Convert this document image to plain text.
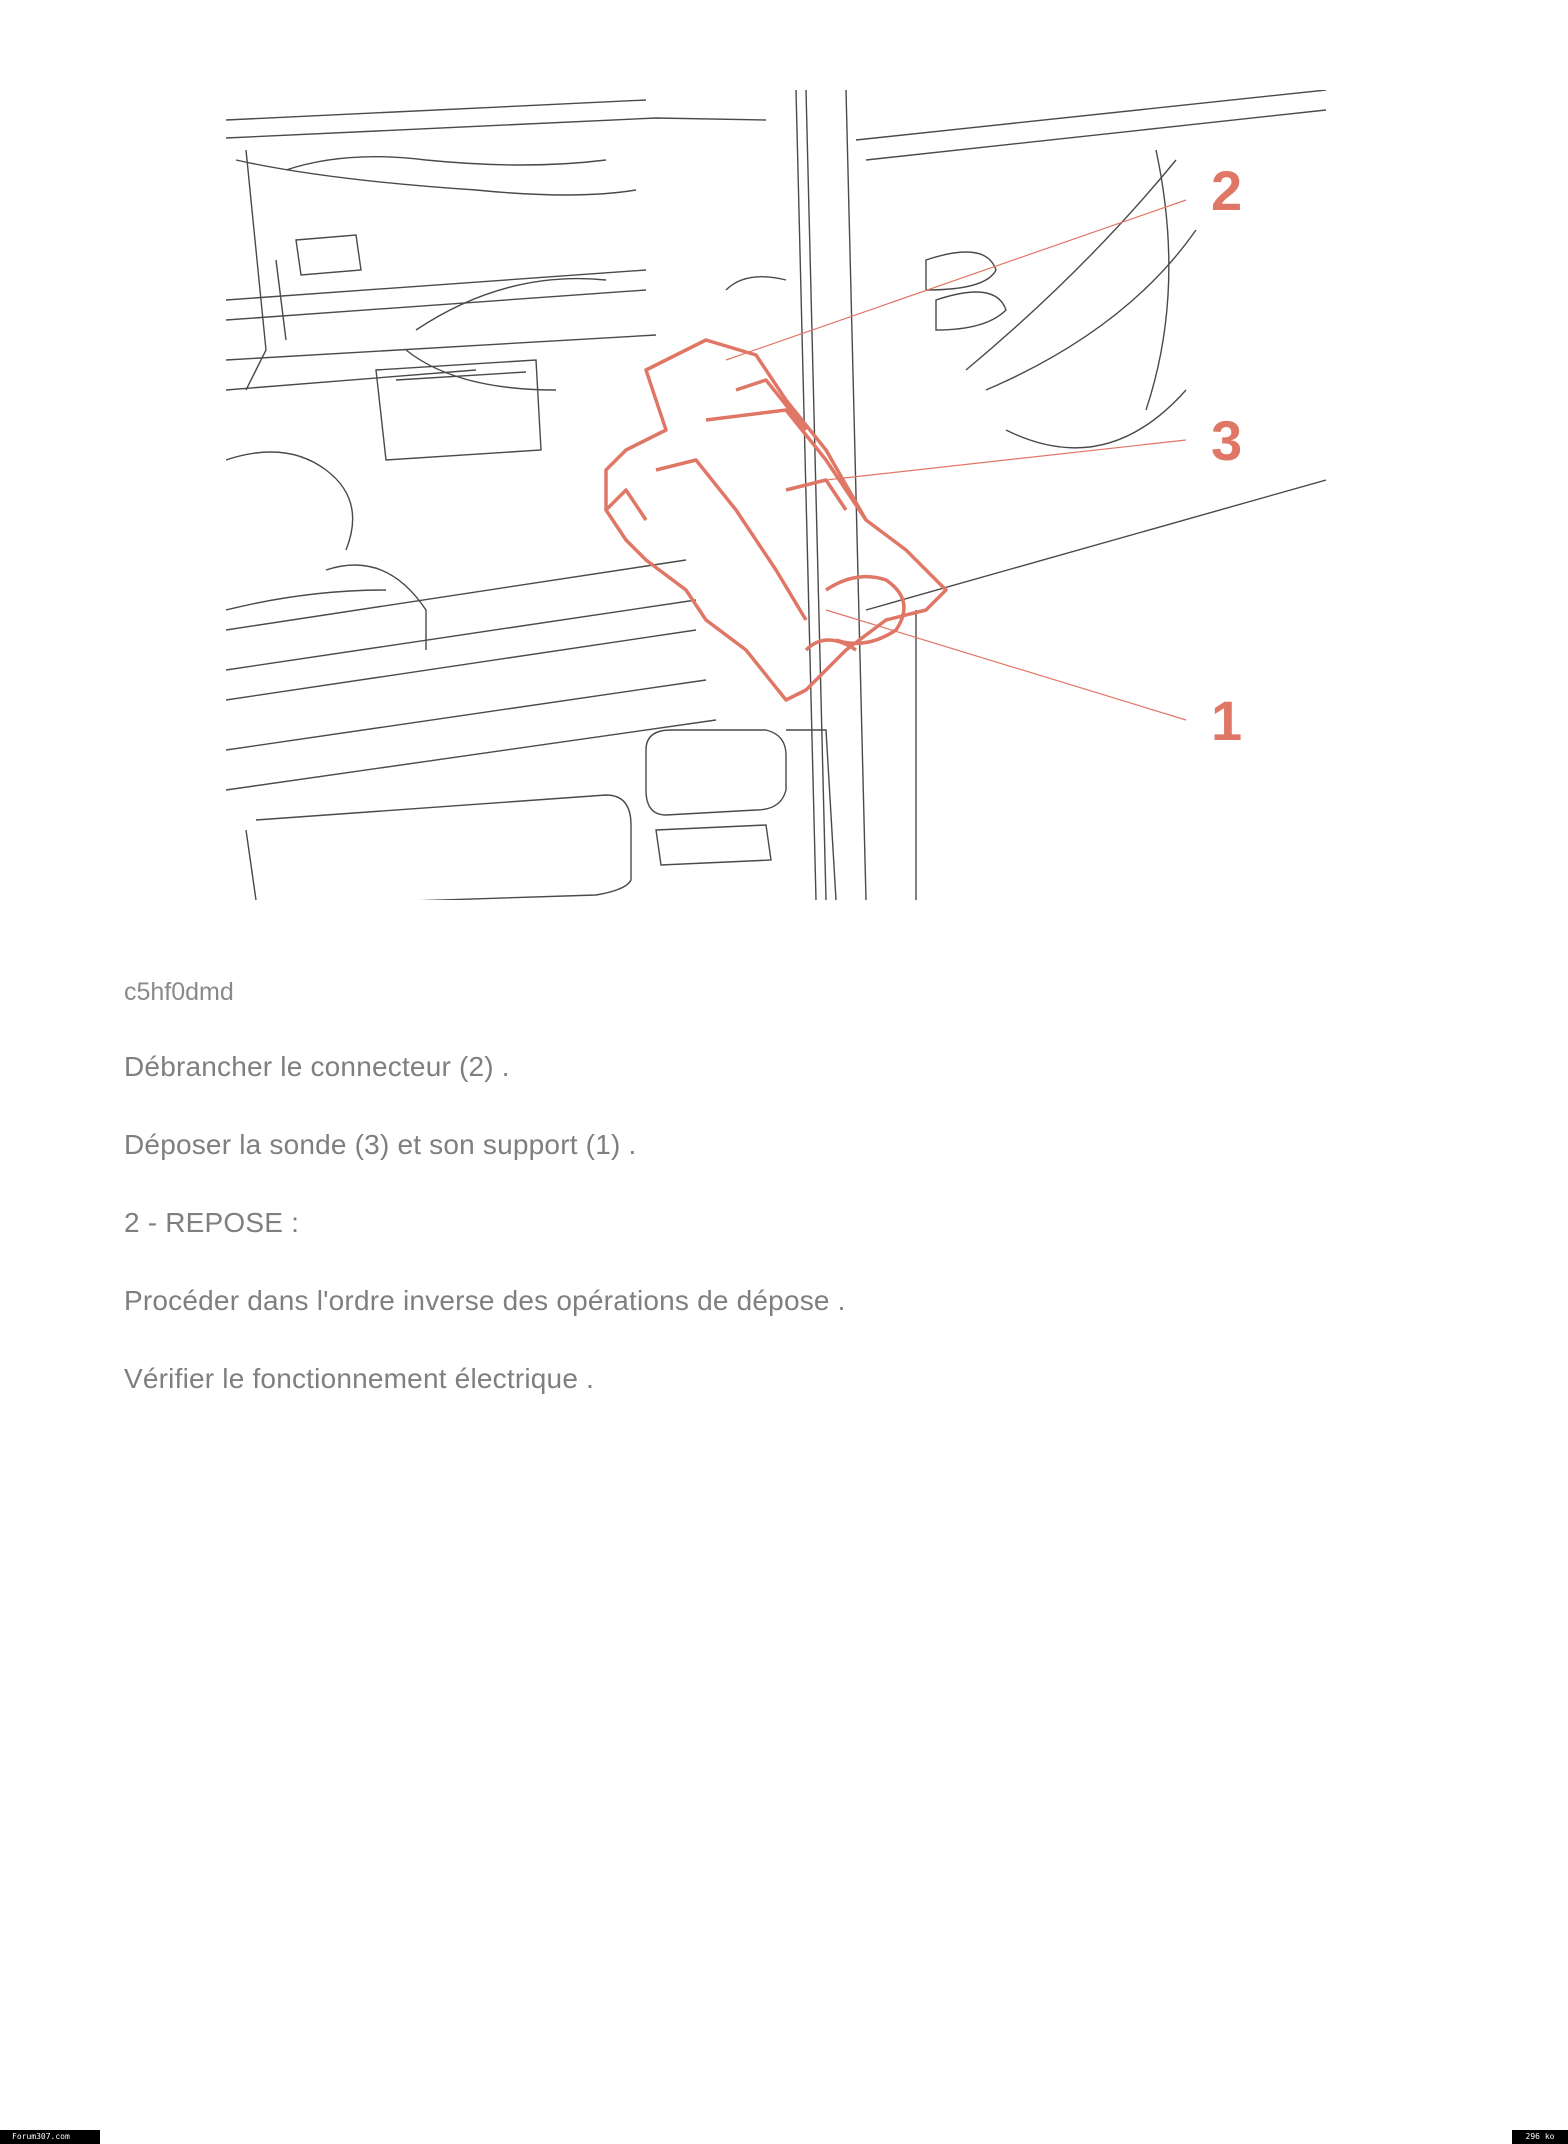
2
3
1
c5hf0dmd
Débrancher le connecteur (2) .
Déposer la sonde (3) et son support (1) .
2 - REPOSE :
Procéder dans l'ordre inverse des opérations de dépose .
Vérifier le fonctionnement électrique .
Forum307.com	296 ko
